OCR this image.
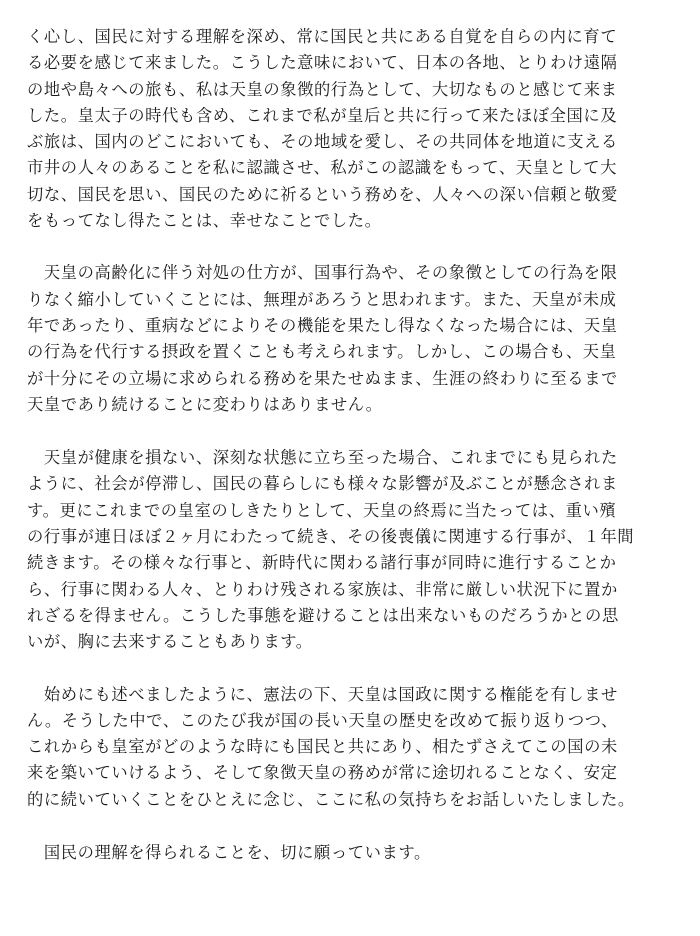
く心し、国民に対する理解を深め、常に国民と共にある自覚を自らの内に育て
る必要を感じて来ました。こうした意味において、日本の各地、とりわけ遠隔
の地や島々への旅も、私は天皇の象徴的行為として、大切なものと感じて来ま
した。皇太子の時代も含め、これまで私が皇后と共に行って来たほぼ全国に及
ぶ旅は、国内のどこにおいても、その地域を愛し、その共同体を地道に支える
市井の人々のあることを私に認識させ、私がこの認識をもって、天皇として大
切な、国民を思い、国民のために祈るという務めを、人々への深い信頼と敬愛
をもってなし得たことは、幸せなことでした。

　天皇の高齢化に伴う対処の仕方が、国事行為や、その象徴としての行為を限
りなく縮小していくことには、無理があろうと思われます。また、天皇が未成
年であったり、重病などによりその機能を果たし得なくなった場合には、天皇
の行為を代行する摂政を置くことも考えられます。しかし、この場合も、天皇
が十分にその立場に求められる務めを果たせぬまま、生涯の終わりに至るまで
天皇であり続けることに変わりはありません。

　天皇が健康を損ない、深刻な状態に立ち至った場合、これまでにも見られた
ように、社会が停滞し、国民の暮らしにも様々な影響が及ぶことが懸念されま
す。更にこれまでの皇室のしきたりとして、天皇の終焉に当たっては、重い殯
の行事が連日ほぼ２ヶ月にわたって続き、その後喪儀に関連する行事が、１年間
続きます。その様々な行事と、新時代に関わる諸行事が同時に進行することか
ら、行事に関わる人々、とりわけ残される家族は、非常に厳しい状況下に置か
れざるを得ません。こうした事態を避けることは出来ないものだろうかとの思
いが、胸に去来することもあります。

　始めにも述べましたように、憲法の下、天皇は国政に関する権能を有しませ
ん。そうした中で、このたび我が国の長い天皇の歴史を改めて振り返りつつ、
これからも皇室がどのような時にも国民と共にあり、相たずさえてこの国の未
来を築いていけるよう、そして象徴天皇の務めが常に途切れることなく、安定
的に続いていくことをひとえに念じ、ここに私の気持ちをお話しいたしました。

　国民の理解を得られることを、切に願っています。
